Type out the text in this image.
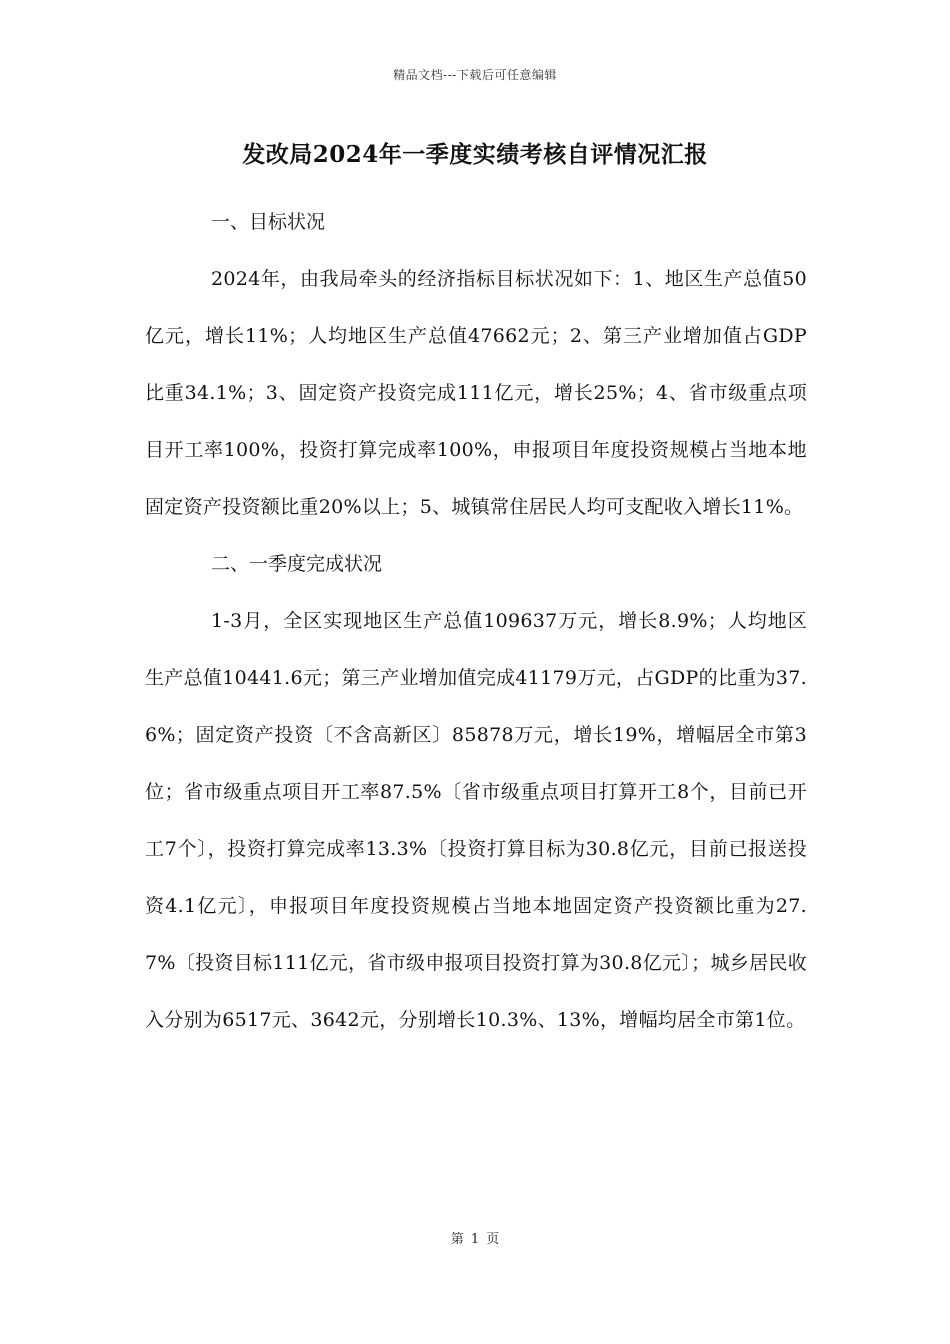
精品文档---下载后可任意编辑
发改局2024年一季度实绩考核自评情况汇报
一、目标状况

2024年，由我局牵头的经济指标目标状况如下：1、地区生产总值50亿元，增长11%；人均地区生产总值47662元；2、第三产业增加值占GDP比重34.1%；3、固定资产投资完成111亿元，增长25%；4、省市级重点项目开工率100%，投资打算完成率100%，申报项目年度投资规模占当地本地固定资产投资额比重20%以上；5、城镇常住居民人均可支配收入增长11%。

二、一季度完成状况

1-3月，全区实现地区生产总值109637万元，增长8.9%；人均地区生产总值10441.6元；第三产业增加值完成41179万元，占GDP的比重为37.6%；固定资产投资〔不含高新区〕85878万元，增长19%，增幅居全市第3位；省市级重点项目开工率87.5%〔省市级重点项目打算开工8个，目前已开工7个〕，投资打算完成率13.3%〔投资打算目标为30.8亿元，目前已报送投资4.1亿元〕，申报项目年度投资规模占当地本地固定资产投资额比重为27.7%〔投资目标111亿元，省市级申报项目投资打算为30.8亿元〕；城乡居民收入分别为6517元、3642元，分别增长10.3%、13%，增幅均居全市第1位。

第 1 页
